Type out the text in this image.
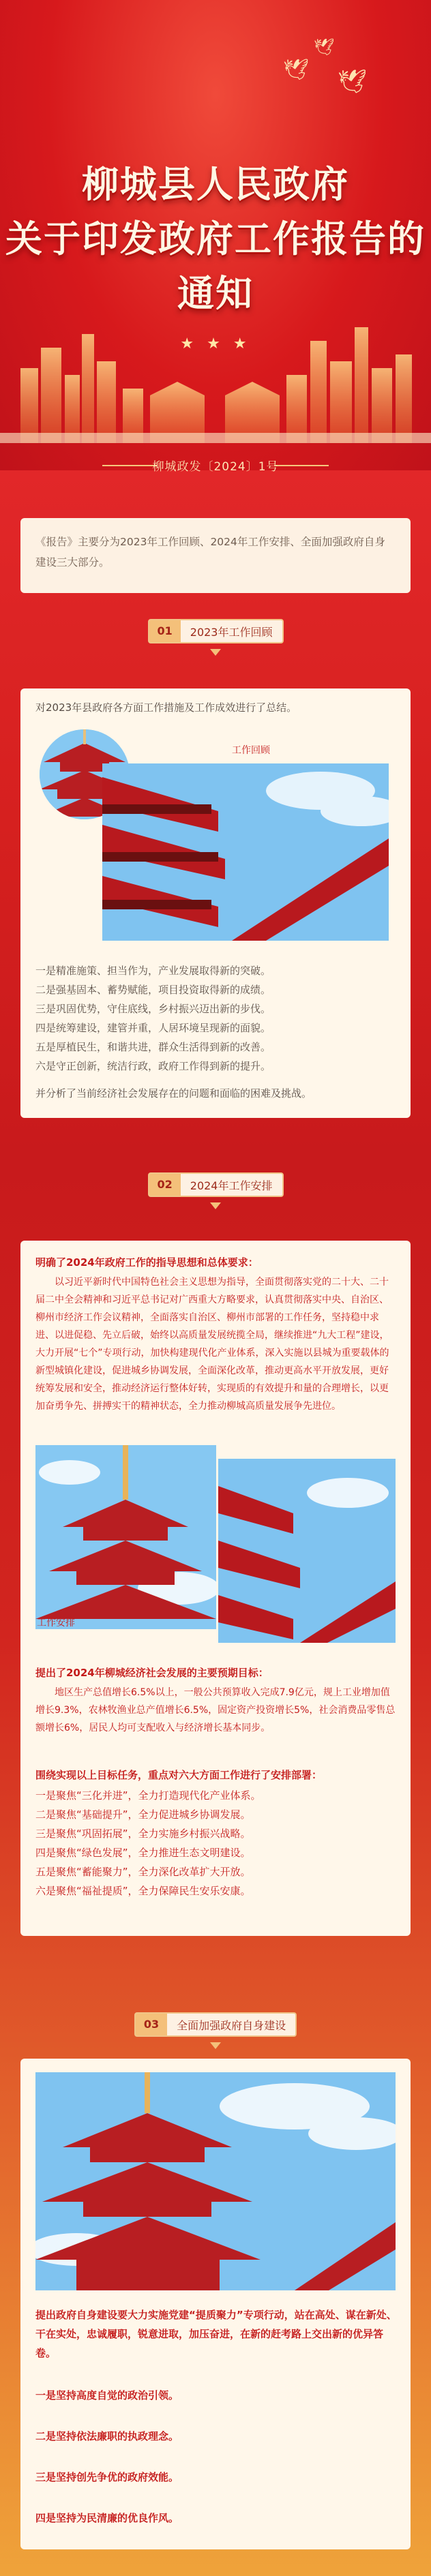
🕊
🕊
🕊
柳城县人民政府
关于印发政府工作报告的
通知
★ ★ ★
柳城政发〔2024〕1号
《报告》主要分为2023年工作回顾、2024年工作安排、全面加强政府自身建设三大部分。
01	2023年工作回顾
对2023年县政府各方面工作措施及工作成效进行了总结。
工作回顾
一是精准施策、担当作为，产业发展取得新的突破。
二是强基固本、蓄势赋能，项目投资取得新的成绩。
三是巩固优势，守住底线，乡村振兴迈出新的步伐。
四是统筹建设，建管并重，人居环境呈现新的面貌。
五是厚植民生，和谐共进，群众生活得到新的改善。
六是守正创新，统洁行政，政府工作得到新的提升。
并分析了当前经济社会发展存在的问题和面临的困难及挑战。
02	2024年工作安排
明确了2024年政府工作的指导思想和总体要求：
以习近平新时代中国特色社会主义思想为指导，全面贯彻落实党的二十大、二十届二中全会精神和习近平总书记对广西重大方略要求，认真贯彻落实中央、自治区、柳州市经济工作会议精神，全面落实自治区、柳州市部署的工作任务，坚持稳中求进、以进促稳、先立后破，始终以高质量发展统揽全局，继续推进“九大工程”建设，大力开展“七个”专项行动，加快构建现代化产业体系，深入实施以县城为重要载体的新型城镇化建设，促进城乡协调发展，全面深化改革，推动更高水平开放发展，更好统筹发展和安全，推动经济运行整体好转，实现质的有效提升和量的合理增长，以更加奋勇争先、拼搏实干的精神状态，全力推动柳城高质量发展争先进位。
工作安排
提出了2024年柳城经济社会发展的主要预期目标：
地区生产总值增长6.5%以上，一般公共预算收入完成7.9亿元，规上工业增加值增长9.3%，农林牧渔业总产值增长6.5%，固定资产投资增长5%，社会消费品零售总额增长6%，居民人均可支配收入与经济增长基本同步。
围绕实现以上目标任务，重点对六大方面工作进行了安排部署：
一是聚焦“三化并进”，全力打造现代化产业体系。
二是聚焦“基础提升”，全力促进城乡协调发展。
三是聚焦“巩固拓展”，全力实施乡村振兴战略。
四是聚焦“绿色发展”，全力推进生态文明建设。
五是聚焦“蓄能聚力”，全力深化改革扩大开放。
六是聚焦“福祉提质”，全力保障民生安乐安康。
03	全面加强政府自身建设
提出政府自身建设要大力实施党建“提质聚力”专项行动，站在高处、谋在新处、干在实处，忠诚履职，锐意进取，加压奋进，在新的赶考路上交出新的优异答卷。
一是坚持高度自觉的政治引领。
二是坚持依法廉职的执政理念。
三是坚持创先争优的政府效能。
四是坚持为民清廉的优良作风。
